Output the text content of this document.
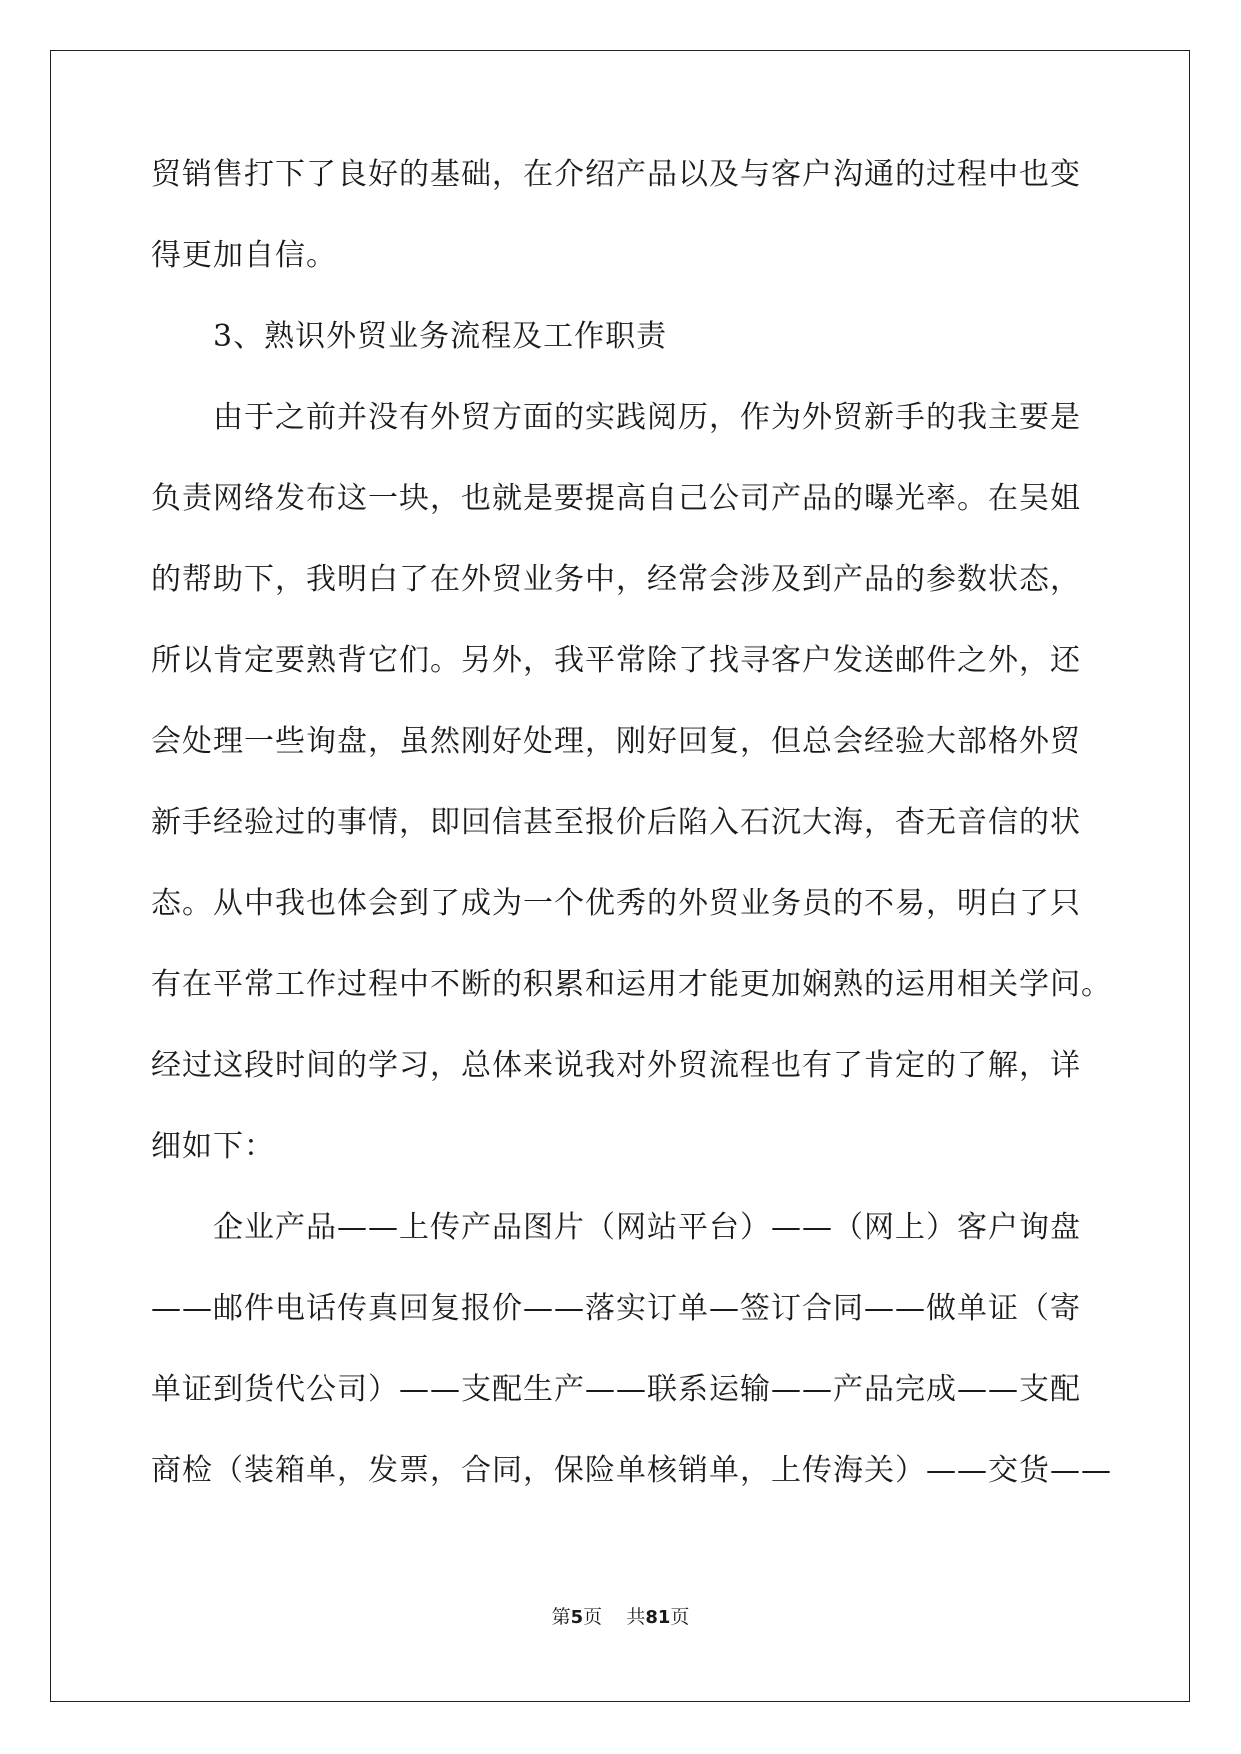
贸销售打下了良好的基础，在介绍产品以及与客户沟通的过程中也变
得更加自信。
3、熟识外贸业务流程及工作职责
由于之前并没有外贸方面的实践阅历，作为外贸新手的我主要是
负责网络发布这一块，也就是要提高自己公司产品的曝光率。在吴姐
的帮助下，我明白了在外贸业务中，经常会涉及到产品的参数状态，
所以肯定要熟背它们。另外，我平常除了找寻客户发送邮件之外，还
会处理一些询盘，虽然刚好处理，刚好回复，但总会经验大部格外贸
新手经验过的事情，即回信甚至报价后陷入石沉大海，杳无音信的状
态。从中我也体会到了成为一个优秀的外贸业务员的不易，明白了只
有在平常工作过程中不断的积累和运用才能更加娴熟的运用相关学问。
经过这段时间的学习，总体来说我对外贸流程也有了肯定的了解，详
细如下：
企业产品——上传产品图片（网站平台）——（网上）客户询盘
——邮件电话传真回复报价——落实订单—签订合同——做单证（寄
单证到货代公司）——支配生产——联系运输——产品完成——支配
商检（装箱单，发票，合同，保险单核销单，上传海关）——交货——
第5页 共81页
